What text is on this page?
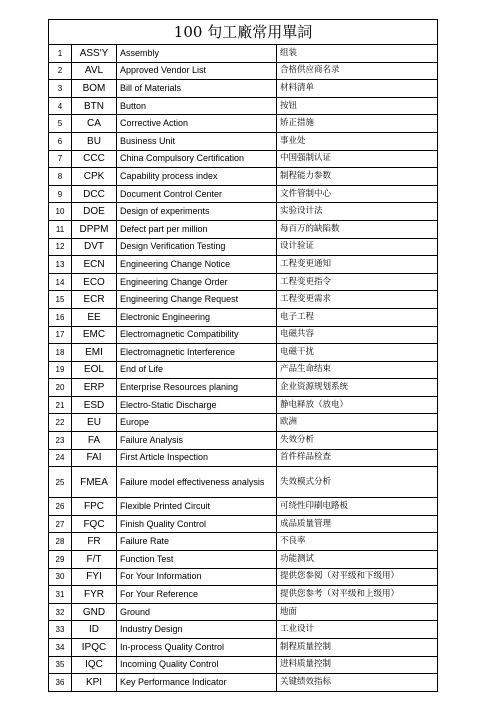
100 句工廠常用單詞
1	ASS'Y	Assembly	组装
2	AVL	Approved Vendor List	合格供应商名录
3	BOM	Bill of Materials	材料清单
4	BTN	Button	按钮
5	CA	Corrective Action	矫正措施
6	BU	Business Unit	事业处
7	CCC	China Compulsory Certification	中国强制认证
8	CPK	Capability process index	制程能力参数
9	DCC	Document Control Center	文件管制中心
10	DOE	Design of experiments	实验设计法
11	DPPM	Defect part per million	每百万的缺陷数
12	DVT	Design Verification Testing	设计验证
13	ECN	Engineering Change Notice	工程变更通知
14	ECO	Engineering Change Order	工程变更指令
15	ECR	Engineering Change Request	工程变更需求
16	EE	Electronic Engineering	电子工程
17	EMC	Electromagnetic Compatibility	电磁共容
18	EMI	Electromagnetic Interference	电磁干扰
19	EOL	End of Life	产品生命结束
20	ERP	Enterprise Resources planing	企业资源规划系统
21	ESD	Electro-Static Discharge	静电释放（放电）
22	EU	Europe	欧洲
23	FA	Failure Analysis	失效分析
24	FAI	First Article Inspection	首件样品检查
25	FMEA	Failure model effectiveness analysis	失效模式分析
26	FPC	Flexible Printed Circuit	可绕性印刷电路板
27	FQC	Finish Quality Control	成品质量管理
28	FR	Failure Rate	不良率
29	F/T	Function Test	功能测试
30	FYI	For Your Information	提供您参阅（对平级和下级用）
31	FYR	For Your Reference	提供您参考（对平级和上级用）
32	GND	Ground	地面
33	ID	Industry Design	工业设计
34	IPQC	In-process Quality Control	制程质量控制
35	IQC	Incoming Quality Control	进料质量控制
36	KPI	Key Performance Indicator	关键绩效指标
